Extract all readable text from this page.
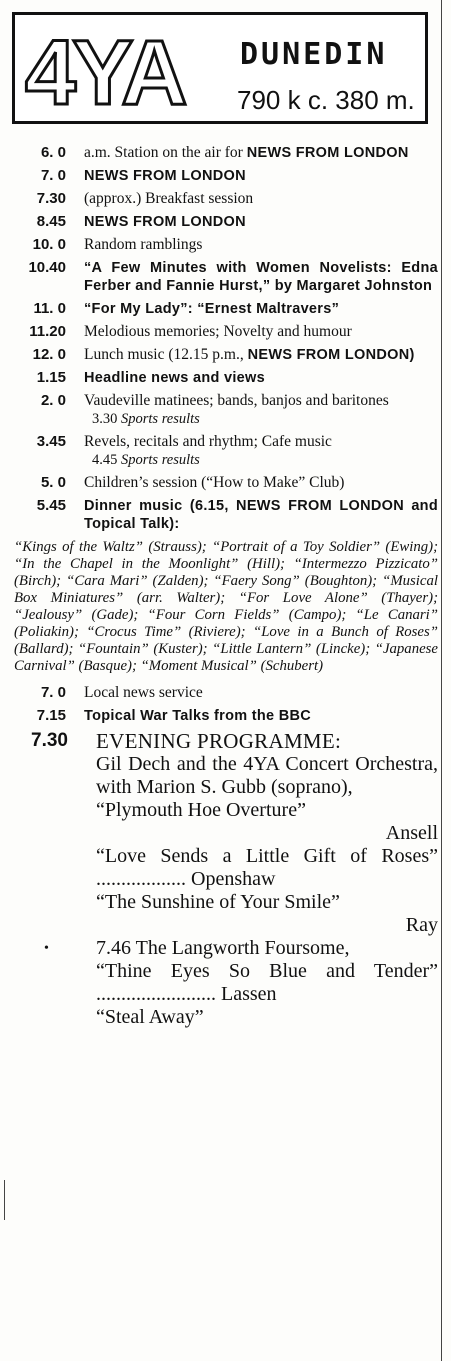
4YA DUNEDIN
790 k c. 380 m.
6. 0 a.m. Station on the air for NEWS FROM LONDON
7. 0 NEWS FROM LONDON
7.30 (approx.) Breakfast session
8.45 NEWS FROM LONDON
10. 0 Random ramblings
10.40 “A Few Minutes with Women Novelists: Edna Ferber and Fannie Hurst,” by Margaret Johnston
11. 0 “For My Lady”: “Ernest Maltravers”
11.20 Melodious memories; Novelty and humour
12. 0 Lunch music (12.15 p.m., NEWS FROM LONDON)
1.15 Headline news and views
2. 0 Vaudeville matinees; bands, banjos and baritones
3.30 Sports results
3.45 Revels, recitals and rhythm; Cafe music
4.45 Sports results
5. 0 Children’s session (“How to Make” Club)
5.45 Dinner music (6.15, NEWS FROM LONDON and Topical Talk):
“Kings of the Waltz” (Strauss); “Portrait of a Toy Soldier” (Ewing); “In the Chapel in the Moonlight” (Hill); “Intermezzo Pizzicato” (Birch); “Cara Mari” (Zalden); “Faery Song” (Boughton); “Musical Box Miniatures” (arr. Walter); “For Love Alone” (Thayer); “Jealousy” (Gade); “Four Corn Fields” (Campo); “Le Canari” (Poliakin); “Crocus Time” (Riviere); “Love in a Bunch of Roses” (Ballard); “Fountain” (Kuster); “Little Lantern” (Lincke); “Japanese Carnival” (Basque); “Moment Musical” (Schubert)
7. 0 Local news service
7.15 Topical War Talks from the BBC
7.30 EVENING PROGRAMME:
Gil Dech and the 4YA Concert Orchestra, with Marion S. Gubb (soprano),
“Plymouth Hoe Overture”
Ansell
“Love Sends a Little Gift of Roses” .................. Openshaw
“The Sunshine of Your Smile”
Ray
• 7.46 The Langworth Foursome,
“Thine Eyes So Blue and Tender” ........................ Lassen
“Steal Away”
